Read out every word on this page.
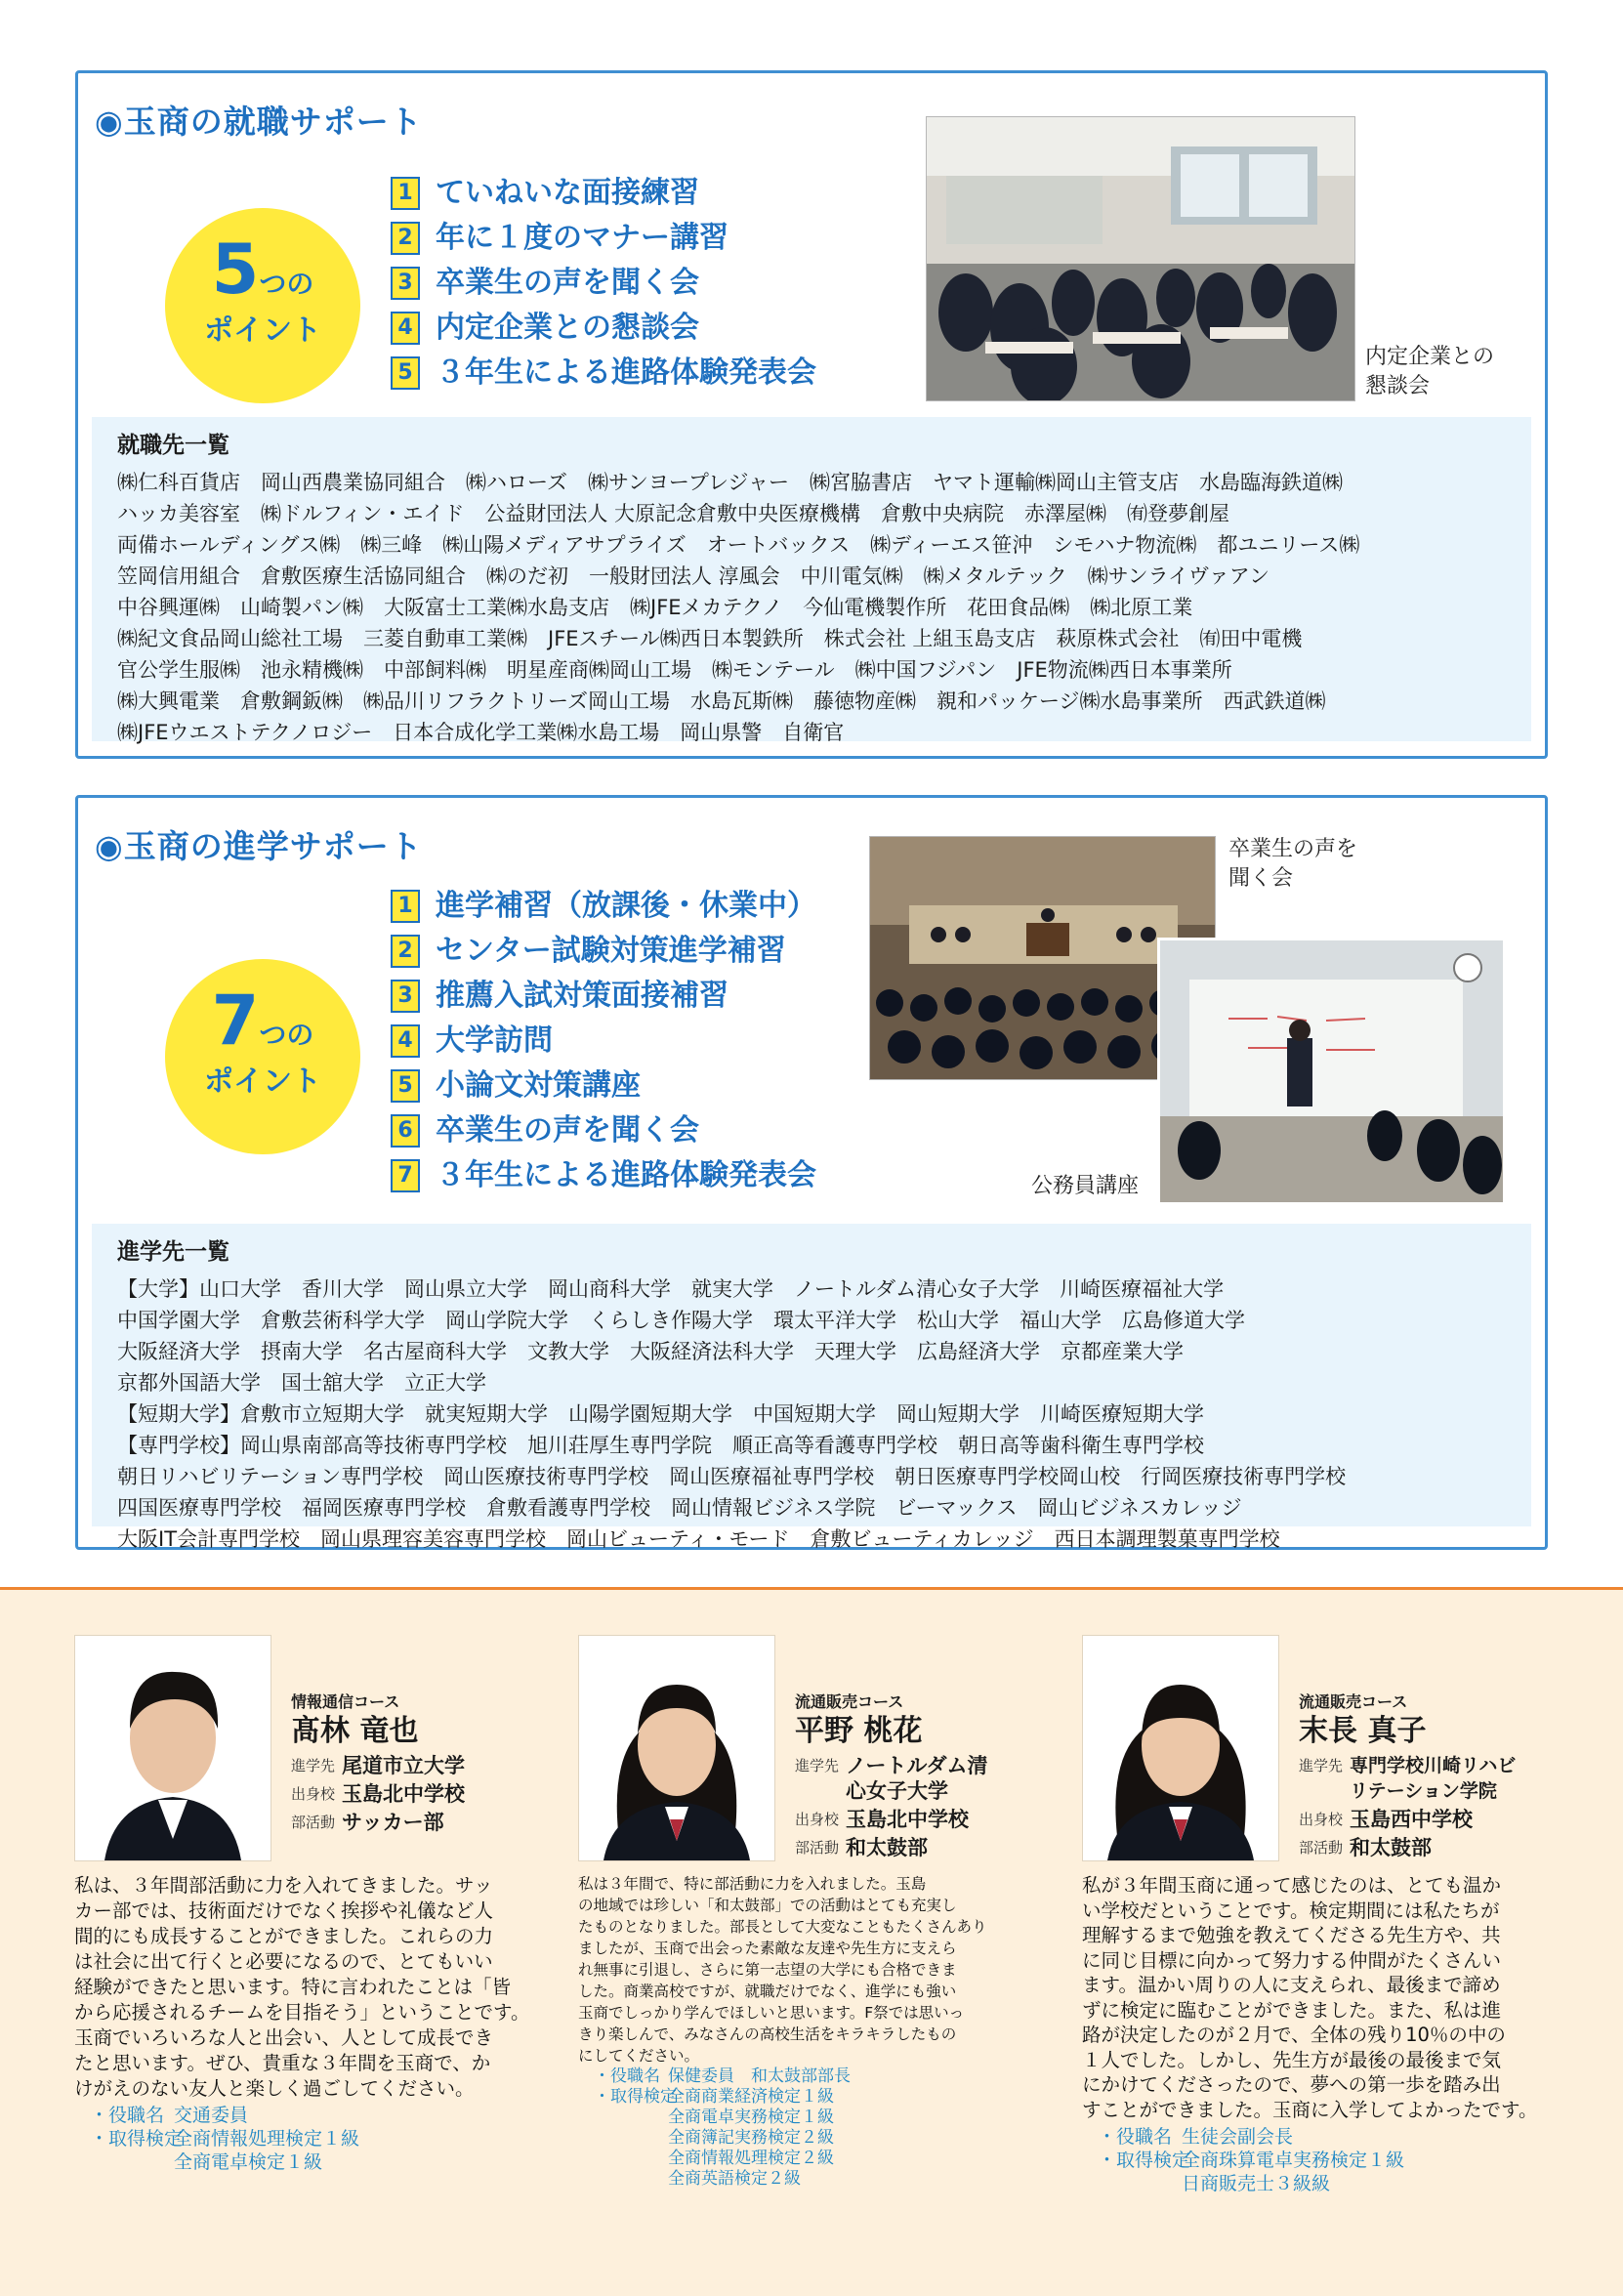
◉玉商の就職サポート
5つの
ポイント
1 ていねいな面接練習
2 年に１度のマナー講習
3 卒業生の声を聞く会
4 内定企業との懇談会
5 ３年生による進路体験発表会	内定企業との
懇談会
就職先一覧
㈱仁科百貨店　岡山西農業協同組合　㈱ハローズ　㈱サンヨープレジャー　㈱宮脇書店　ヤマト運輸㈱岡山主管支店　水島臨海鉄道㈱
ハッカ美容室　㈱ドルフィン・エイド　公益財団法人 大原記念倉敷中央医療機構　倉敷中央病院　赤澤屋㈱　㈲登夢創屋
両備ホールディングス㈱　㈱三峰　㈱山陽メディアサプライズ　オートバックス　㈱ディーエス笹沖　シモハナ物流㈱　都ユニリース㈱
笠岡信用組合　倉敷医療生活協同組合　㈱のだ初　一般財団法人 淳風会　中川電気㈱　㈱メタルテック　㈱サンライヴァアン
中谷興運㈱　山崎製パン㈱　大阪富士工業㈱水島支店　㈱JFEメカテクノ　今仙電機製作所　花田食品㈱　㈱北原工業
㈱紀文食品岡山総社工場　三菱自動車工業㈱　JFEスチール㈱西日本製鉄所　株式会社 上組玉島支店　萩原株式会社　㈲田中電機
官公学生服㈱　池永精機㈱　中部飼料㈱　明星産商㈱岡山工場　㈱モンテール　㈱中国フジパン　JFE物流㈱西日本事業所
㈱大興電業　倉敷鋼鈑㈱　㈱品川リフラクトリーズ岡山工場　水島瓦斯㈱　藤徳物産㈱　親和パッケージ㈱水島事業所　西武鉄道㈱
㈱JFEウエストテクノロジー　日本合成化学工業㈱水島工場　岡山県警　自衛官
◉玉商の進学サポート
7つの
ポイント
1 進学補習（放課後・休業中）
2 センター試験対策進学補習
3 推薦入試対策面接補習
4 大学訪問
5 小論文対策講座
6 卒業生の声を聞く会
7 ３年生による進路体験発表会
卒業生の声を
聞く会
公務員講座
進学先一覧
【大学】山口大学　香川大学　岡山県立大学　岡山商科大学　就実大学　ノートルダム清心女子大学　川崎医療福祉大学
中国学園大学　倉敷芸術科学大学　岡山学院大学　くらしき作陽大学　環太平洋大学　松山大学　福山大学　広島修道大学
大阪経済大学　摂南大学　名古屋商科大学　文教大学　大阪経済法科大学　天理大学　広島経済大学　京都産業大学
京都外国語大学　国士舘大学　立正大学
【短期大学】倉敷市立短期大学　就実短期大学　山陽学園短期大学　中国短期大学　岡山短期大学　川崎医療短期大学
【専門学校】岡山県南部高等技術専門学校　旭川荘厚生専門学院　順正高等看護専門学校　朝日高等歯科衛生専門学校
朝日リハビリテーション専門学校　岡山医療技術専門学校　岡山医療福祉専門学校　朝日医療専門学校岡山校　行岡医療技術専門学校
四国医療専門学校　福岡医療専門学校　倉敷看護専門学校　岡山情報ビジネス学院　ビーマックス　岡山ビジネスカレッジ
大阪IT会計専門学校　岡山県理容美容専門学校　岡山ビューティ・モード　倉敷ビューティカレッジ　西日本調理製菓専門学校
情報通信コース
髙林 竜也
進学先 尾道市立大学
出身校 玉島北中学校
部活動 サッカー部
私は、３年間部活動に力を入れてきました。サッ
カー部では、技術面だけでなく挨拶や礼儀など人
間的にも成長することができました。これらの力
は社会に出て行くと必要になるので、とてもいい
経験ができたと思います。特に言われたことは「皆
から応援されるチームを目指そう」ということです。
玉商でいろいろな人と出会い、人として成長でき
たと思います。ぜひ、貴重な３年間を玉商で、か
けがえのない友人と楽しく過ごしてください。
・役職名 交通委員
・取得検定
全商情報処理検定１級
全商電卓検定１級
流通販売コース
平野 桃花
進学先 ノートルダム清心女子大学
出身校 玉島北中学校
部活動 和太鼓部
私は３年間で、特に部活動に力を入れました。玉島
の地域では珍しい「和太鼓部」での活動はとても充実し
たものとなりました。部長として大変なこともたくさんあり
ましたが、玉商で出会った素敵な友達や先生方に支えら
れ無事に引退し、さらに第一志望の大学にも合格できま
した。商業高校ですが、就職だけでなく、進学にも強い
玉商でしっかり学んでほしいと思います。F祭では思いっ
きり楽しんで、みなさんの高校生活をキラキラしたもの
にしてください。
・役職名 保健委員　和太鼓部部長
・取得検定
全商商業経済検定１級
全商電卓実務検定１級
全商簿記実務検定２級
全商情報処理検定２級
全商英語検定２級
流通販売コース
末長 真子
進学先 専門学校川崎リハビリテーション学院
出身校 玉島西中学校
部活動 和太鼓部
私が３年間玉商に通って感じたのは、とても温か
い学校だということです。検定期間には私たちが
理解するまで勉強を教えてくださる先生方や、共
に同じ目標に向かって努力する仲間がたくさんい
ます。温かい周りの人に支えられ、最後まで諦め
ずに検定に臨むことができました。また、私は進
路が決定したのが２月で、全体の残り10％の中の
１人でした。しかし、先生方が最後の最後まで気
にかけてくださったので、夢への第一歩を踏み出
すことができました。玉商に入学してよかったです。
・役職名 生徒会副会長
・取得検定
全商珠算電卓実務検定１級
日商販売士３級級
